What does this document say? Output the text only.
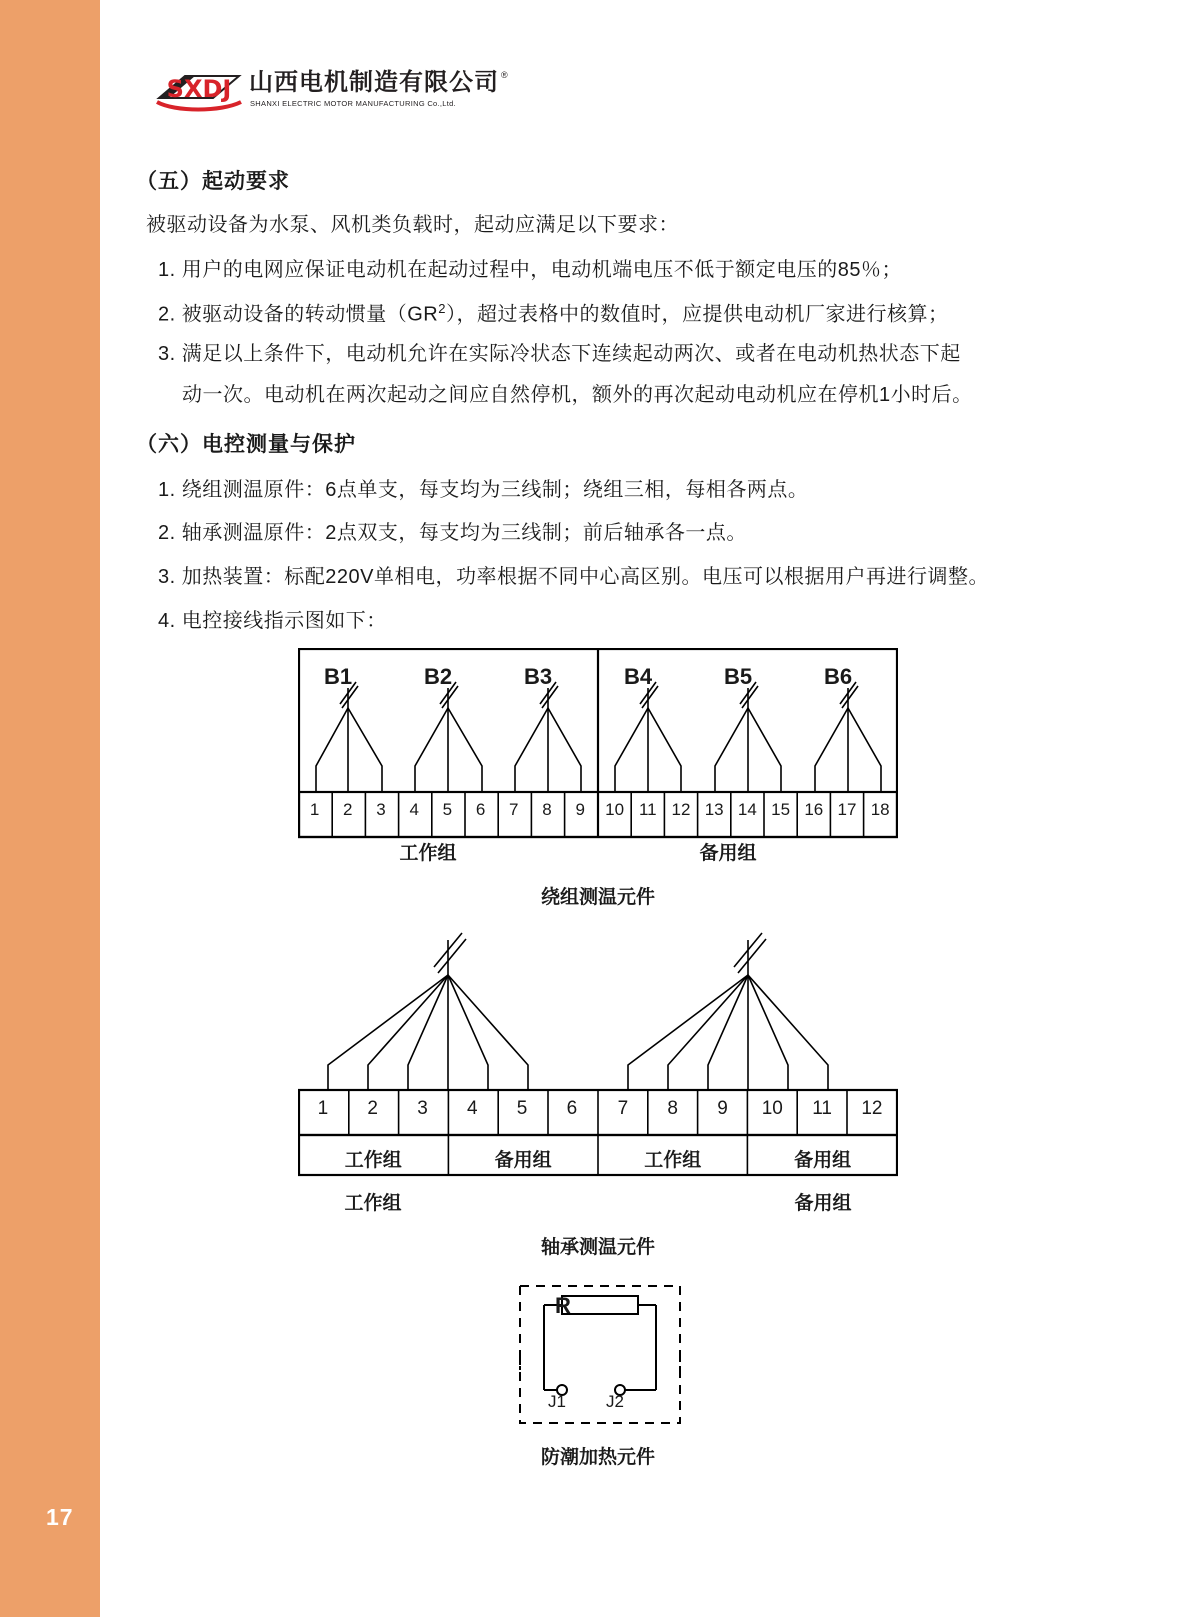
17
SXDJ 山西电机制造有限公司 ®
SHANXI ELECTRIC MOTOR MANUFACTURING Co.,Ltd.
（五）起动要求
被驱动设备为水泵、风机类负载时，起动应满足以下要求：
1. 用户的电网应保证电动机在起动过程中，电动机端电压不低于额定电压的85％；
2. 被驱动设备的转动惯量$(GR^2)$，超过表格中的数值时，应提供电动机厂家进行核算；
3. 满足以上条件下，电动机允许在实际冷状态下连续起动两次、或者在电动机热状态下起
动一次。电动机在两次起动之间应自然停机，额外的再次起动电动机应在停机1小时后。
（六）电控测量与保护
1. 绕组测温原件：6点单支，每支均为三线制；绕组三相，每相各两点。
2. 轴承测温原件：2点双支，每支均为三线制；前后轴承各一点。
3. 加热装置：标配220V单相电，功率根据不同中心高区别。电压可以根据用户再进行调整。
4. 电控接线指示图如下：
B1	B2	B3	B4	B5	B6
1	2	3	4	5	6	7	8	9	10 11 12 13 14 15 16 17 18
工作组	备用组
绕组测温元件
1	2	3	4	5	6	7	8	9	10	11	12
工作组	备用组	工作组	备用组
工作组	备用组
轴承测温元件
R
J1 J2
防潮加热元件
